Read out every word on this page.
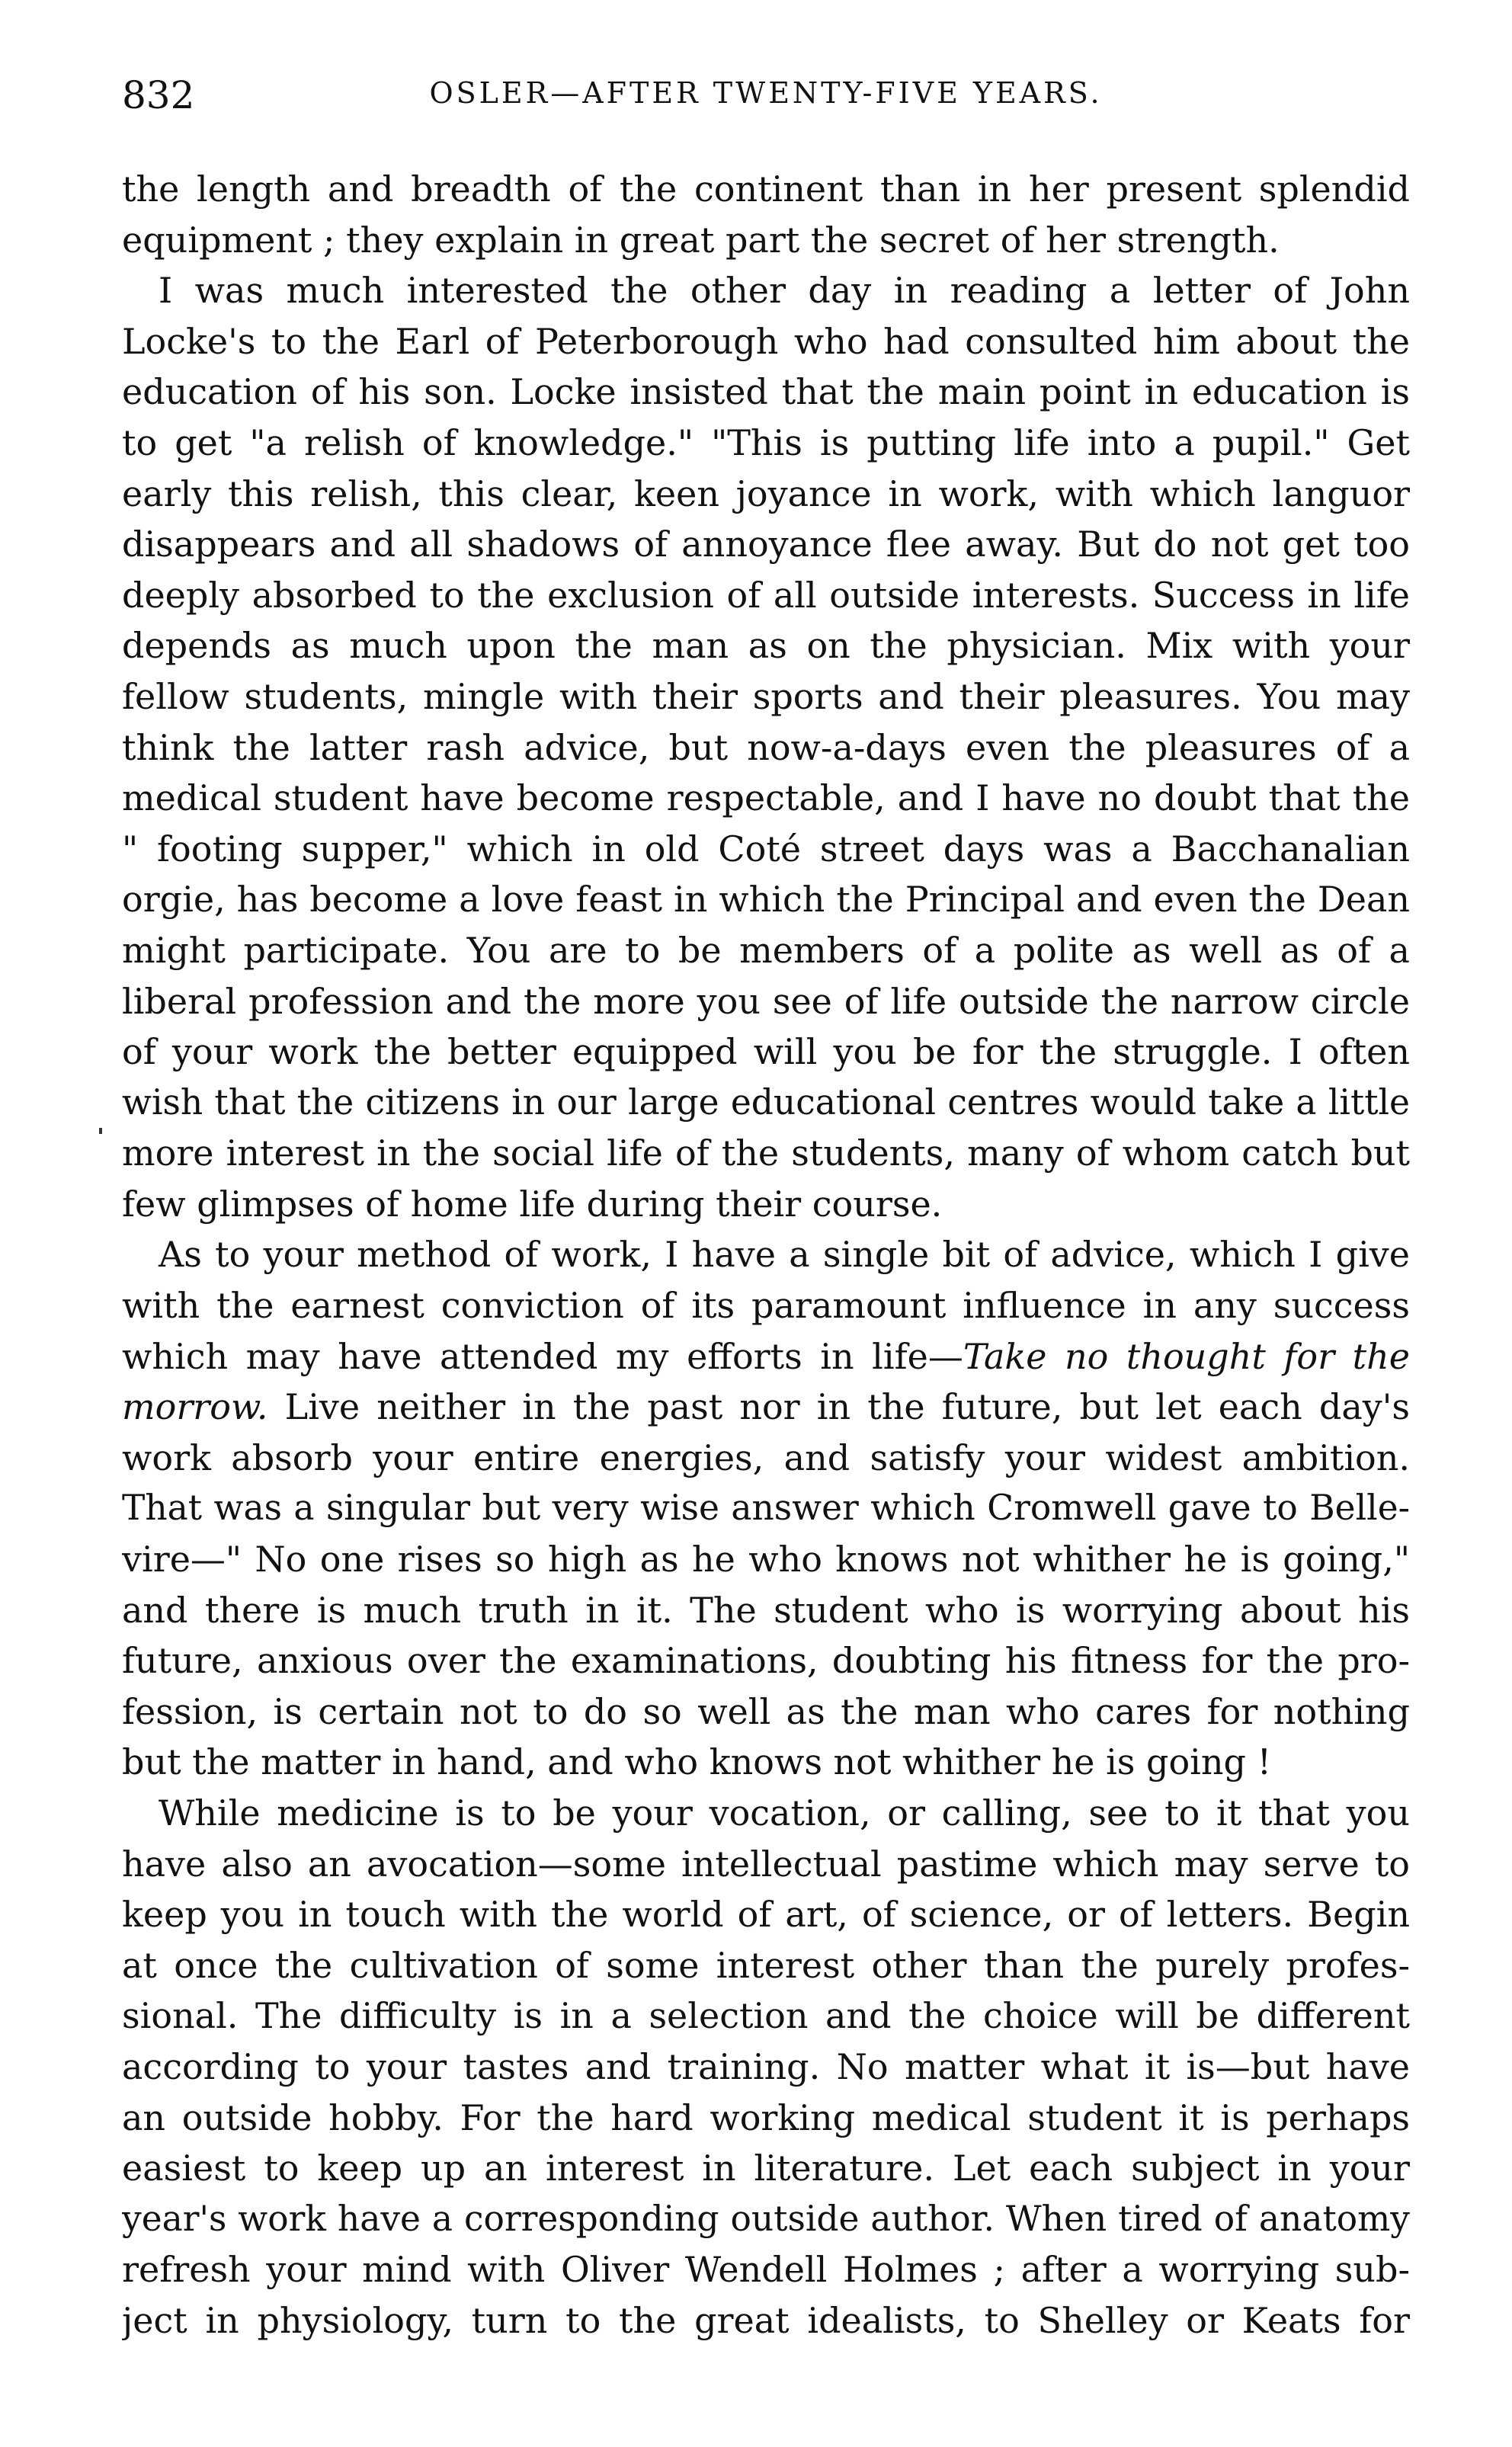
832	OSLER—AFTER TWENTY-FIVE YEARS.
the length and breadth of the continent than in her present splendid
equipment ; they explain in great part the secret of her strength.
I was much interested the other day in reading a letter of John
Locke's to the Earl of Peterborough who had consulted him about the
education of his son. Locke insisted that the main point in education is
to get "a relish of knowledge." "This is putting life into a pupil." Get
early this relish, this clear, keen joyance in work, with which languor
disappears and all shadows of annoyance flee away. But do not get too
deeply absorbed to the exclusion of all outside interests. Success in life
depends as much upon the man as on the physician. Mix with your
fellow students, mingle with their sports and their pleasures. You may
think the latter rash advice, but now-a-days even the pleasures of a
medical student have become respectable, and I have no doubt that the
" footing supper," which in old Coté street days was a Bacchanalian
orgie, has become a love feast in which the Principal and even the Dean
might participate. You are to be members of a polite as well as of a
liberal profession and the more you see of life outside the narrow circle
of your work the better equipped will you be for the struggle. I often
wish that the citizens in our large educational centres would take a little
more interest in the social life of the students, many of whom catch but
few glimpses of home life during their course.
As to your method of work, I have a single bit of advice, which I give
with the earnest conviction of its paramount influence in any success
which may have attended my efforts in life—Take no thought for the
morrow. Live neither in the past nor in the future, but let each day's
work absorb your entire energies, and satisfy your widest ambition.
That was a singular but very wise answer which Cromwell gave to Belle-
vire—" No one rises so high as he who knows not whither he is going,"
and there is much truth in it. The student who is worrying about his
future, anxious over the examinations, doubting his fitness for the pro-
fession, is certain not to do so well as the man who cares for nothing
but the matter in hand, and who knows not whither he is going !
While medicine is to be your vocation, or calling, see to it that you
have also an avocation—some intellectual pastime which may serve to
keep you in touch with the world of art, of science, or of letters. Begin
at once the cultivation of some interest other than the purely profes-
sional. The difficulty is in a selection and the choice will be different
according to your tastes and training. No matter what it is—but have
an outside hobby. For the hard working medical student it is perhaps
easiest to keep up an interest in literature. Let each subject in your
year's work have a corresponding outside author. When tired of anatomy
refresh your mind with Oliver Wendell Holmes ; after a worrying sub-
ject in physiology, turn to the great idealists, to Shelley or Keats for
